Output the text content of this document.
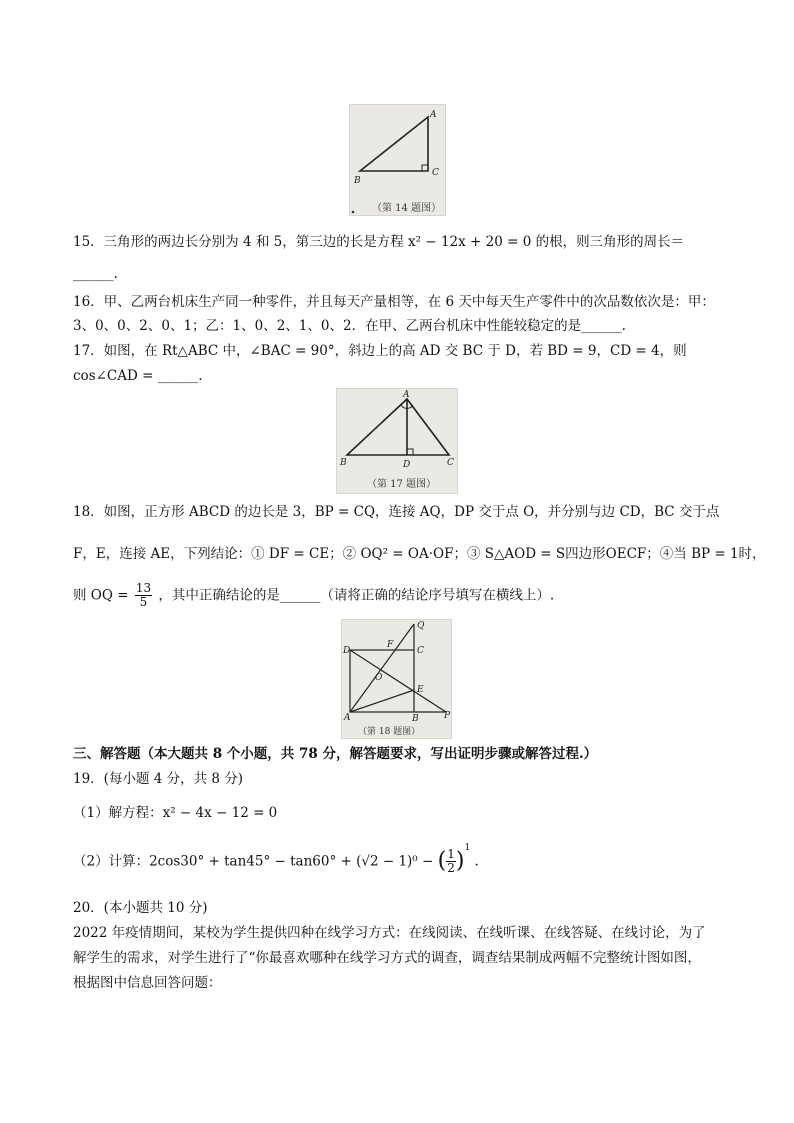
A
B
C
（第 14 题图）
15．三角形的两边长分别为 4 和 5，第三边的长是方程 x² − 12x + 20 = 0 的根，则三角形的周长＝
______.
16．甲、乙两台机床生产同一种零件，并且每天产量相等，在 6 天中每天生产零件中的次品数依次是：甲：
3、0、0、2、0、1；乙：1、0、2、1、0、2．在甲、乙两台机床中性能较稳定的是______.
17．如图，在 Rt△ABC 中，∠BAC = 90°，斜边上的高 AD 交 BC 于 D，若 BD = 9，CD = 4，则
cos∠CAD = ______.
A
B	D	C
（第 17 题图）
18．如图，正方形 ABCD 的边长是 3，BP = CQ，连接 AQ，DP 交于点 O，并分别与边 CD，BC 交于点
F，E，连接 AE，下列结论：① DF = CE；② OQ² = OA·OF；③ S△AOD = S四边形OECF；④当 BP = 1时，
则 OQ = $\frac{13}{5}$ ，其中正确结论的是______（请将正确的结论序号填写在横线上）.
Q
D
F
C
O
E
A	B	P
（第 18 题图）
三、解答题（本大题共 8 个小题，共 78 分，解答题要求，写出证明步骤或解答过程.）
19．(每小题 4 分，共 8 分)
（1）解方程：x² − 4x − 12 = 0
（2）计算：2cos30° + tan45° − tan60° + (√2 − 1)⁰ − ( $\frac{1}{2} )^1$ .
20．(本小题共 10 分)
2022 年疫情期间，某校为学生提供四种在线学习方式：在线阅读、在线听课、在线答疑、在线讨论，为了
解学生的需求，对学生进行了“你最喜欢哪种在线学习方式的调查，调查结果制成两幅不完整统计图如图，
根据图中信息回答问题：
